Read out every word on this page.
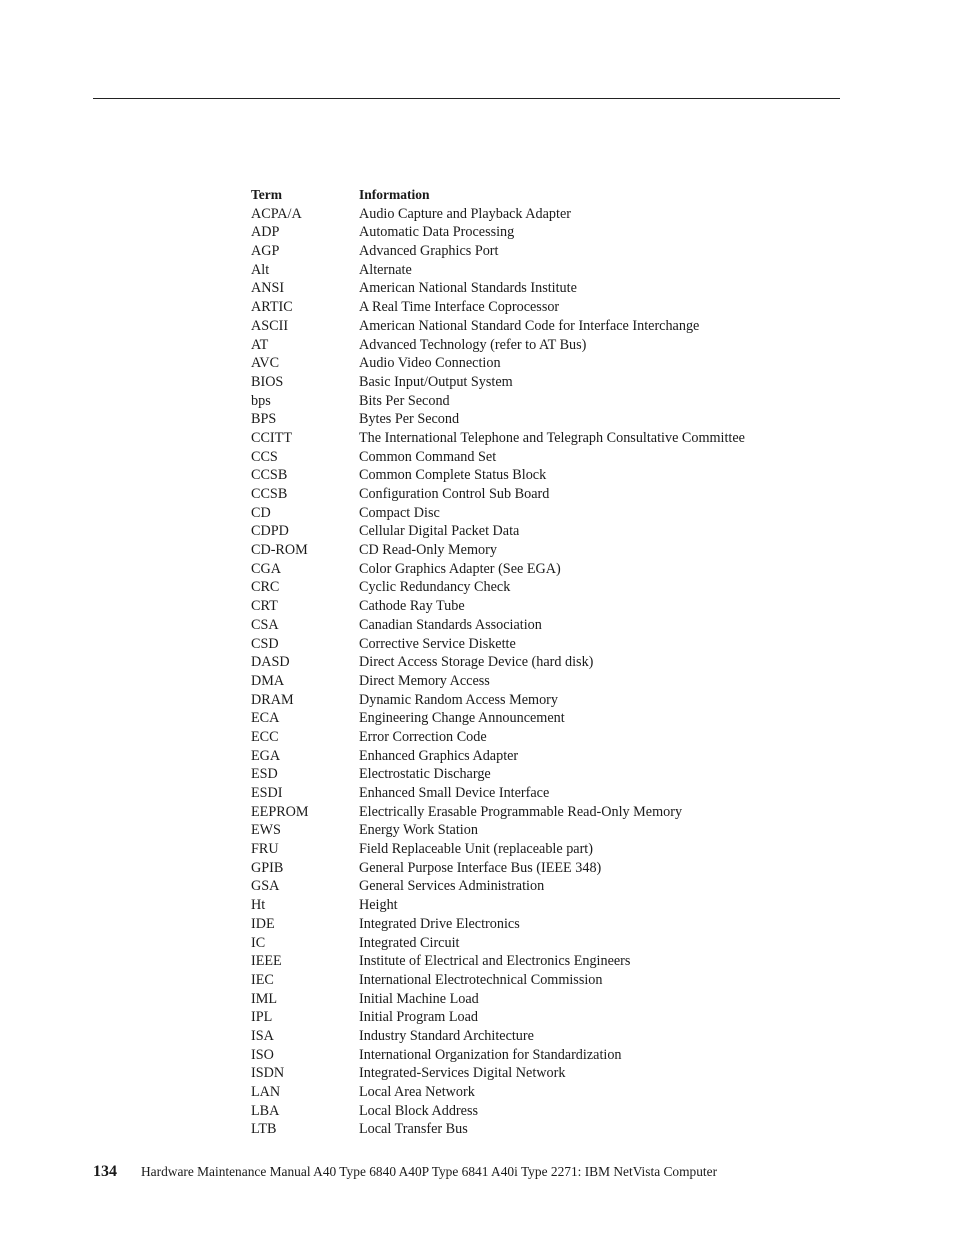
Term	Information
ACPA/A	Audio Capture and Playback Adapter
ADP	Automatic Data Processing
AGP	Advanced Graphics Port
Alt	Alternate
ANSI	American National Standards Institute
ARTIC	A Real Time Interface Coprocessor
ASCII	American National Standard Code for Interface Interchange
AT	Advanced Technology (refer to AT Bus)
AVC	Audio Video Connection
BIOS	Basic Input/Output System
bps	Bits Per Second
BPS	Bytes Per Second
CCITT	The International Telephone and Telegraph Consultative Committee
CCS	Common Command Set
CCSB	Common Complete Status Block
CCSB	Configuration Control Sub Board
CD	Compact Disc
CDPD	Cellular Digital Packet Data
CD-ROM	CD Read-Only Memory
CGA	Color Graphics Adapter (See EGA)
CRC	Cyclic Redundancy Check
CRT	Cathode Ray Tube
CSA	Canadian Standards Association
CSD	Corrective Service Diskette
DASD	Direct Access Storage Device (hard disk)
DMA	Direct Memory Access
DRAM	Dynamic Random Access Memory
ECA	Engineering Change Announcement
ECC	Error Correction Code
EGA	Enhanced Graphics Adapter
ESD	Electrostatic Discharge
ESDI	Enhanced Small Device Interface
EEPROM	Electrically Erasable Programmable Read-Only Memory
EWS	Energy Work Station
FRU	Field Replaceable Unit (replaceable part)
GPIB	General Purpose Interface Bus (IEEE 348)
GSA	General Services Administration
Ht	Height
IDE	Integrated Drive Electronics
IC	Integrated Circuit
IEEE	Institute of Electrical and Electronics Engineers
IEC	International Electrotechnical Commission
IML	Initial Machine Load
IPL	Initial Program Load
ISA	Industry Standard Architecture
ISO	International Organization for Standardization
ISDN	Integrated-Services Digital Network
LAN	Local Area Network
LBA	Local Block Address
LTB	Local Transfer Bus
134 Hardware Maintenance Manual A40 Type 6840 A40P Type 6841 A40i Type 2271: IBM NetVista Computer
